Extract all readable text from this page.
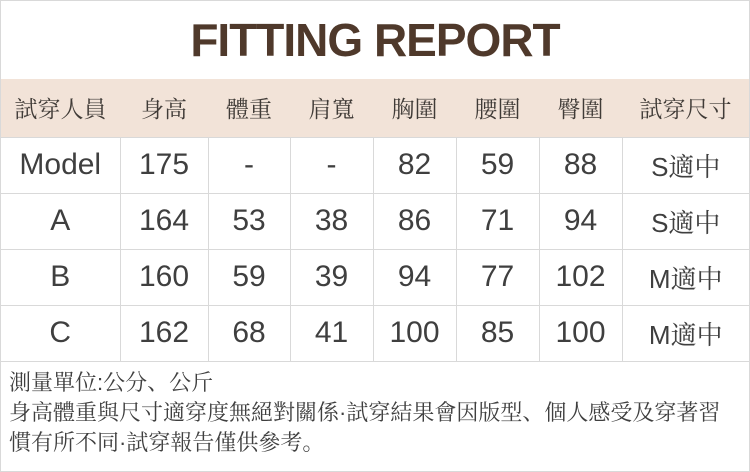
FITTING REPORT
試穿人員	身高	體重	肩寬	胸圍	腰圍	臀圍	試穿尺寸
Model	175	-	-	82	59	88	S適中
A	164	53	38	86	71	94	S適中
B	160	59	39	94	77	102	M適中
C	162	68	41	100	85	100	M適中

測量單位:公分、公斤

身高體重與尺寸適穿度無絕對關係·試穿結果會因版型、個人感受及穿著習慣有所不同·試穿報告僅供參考。
